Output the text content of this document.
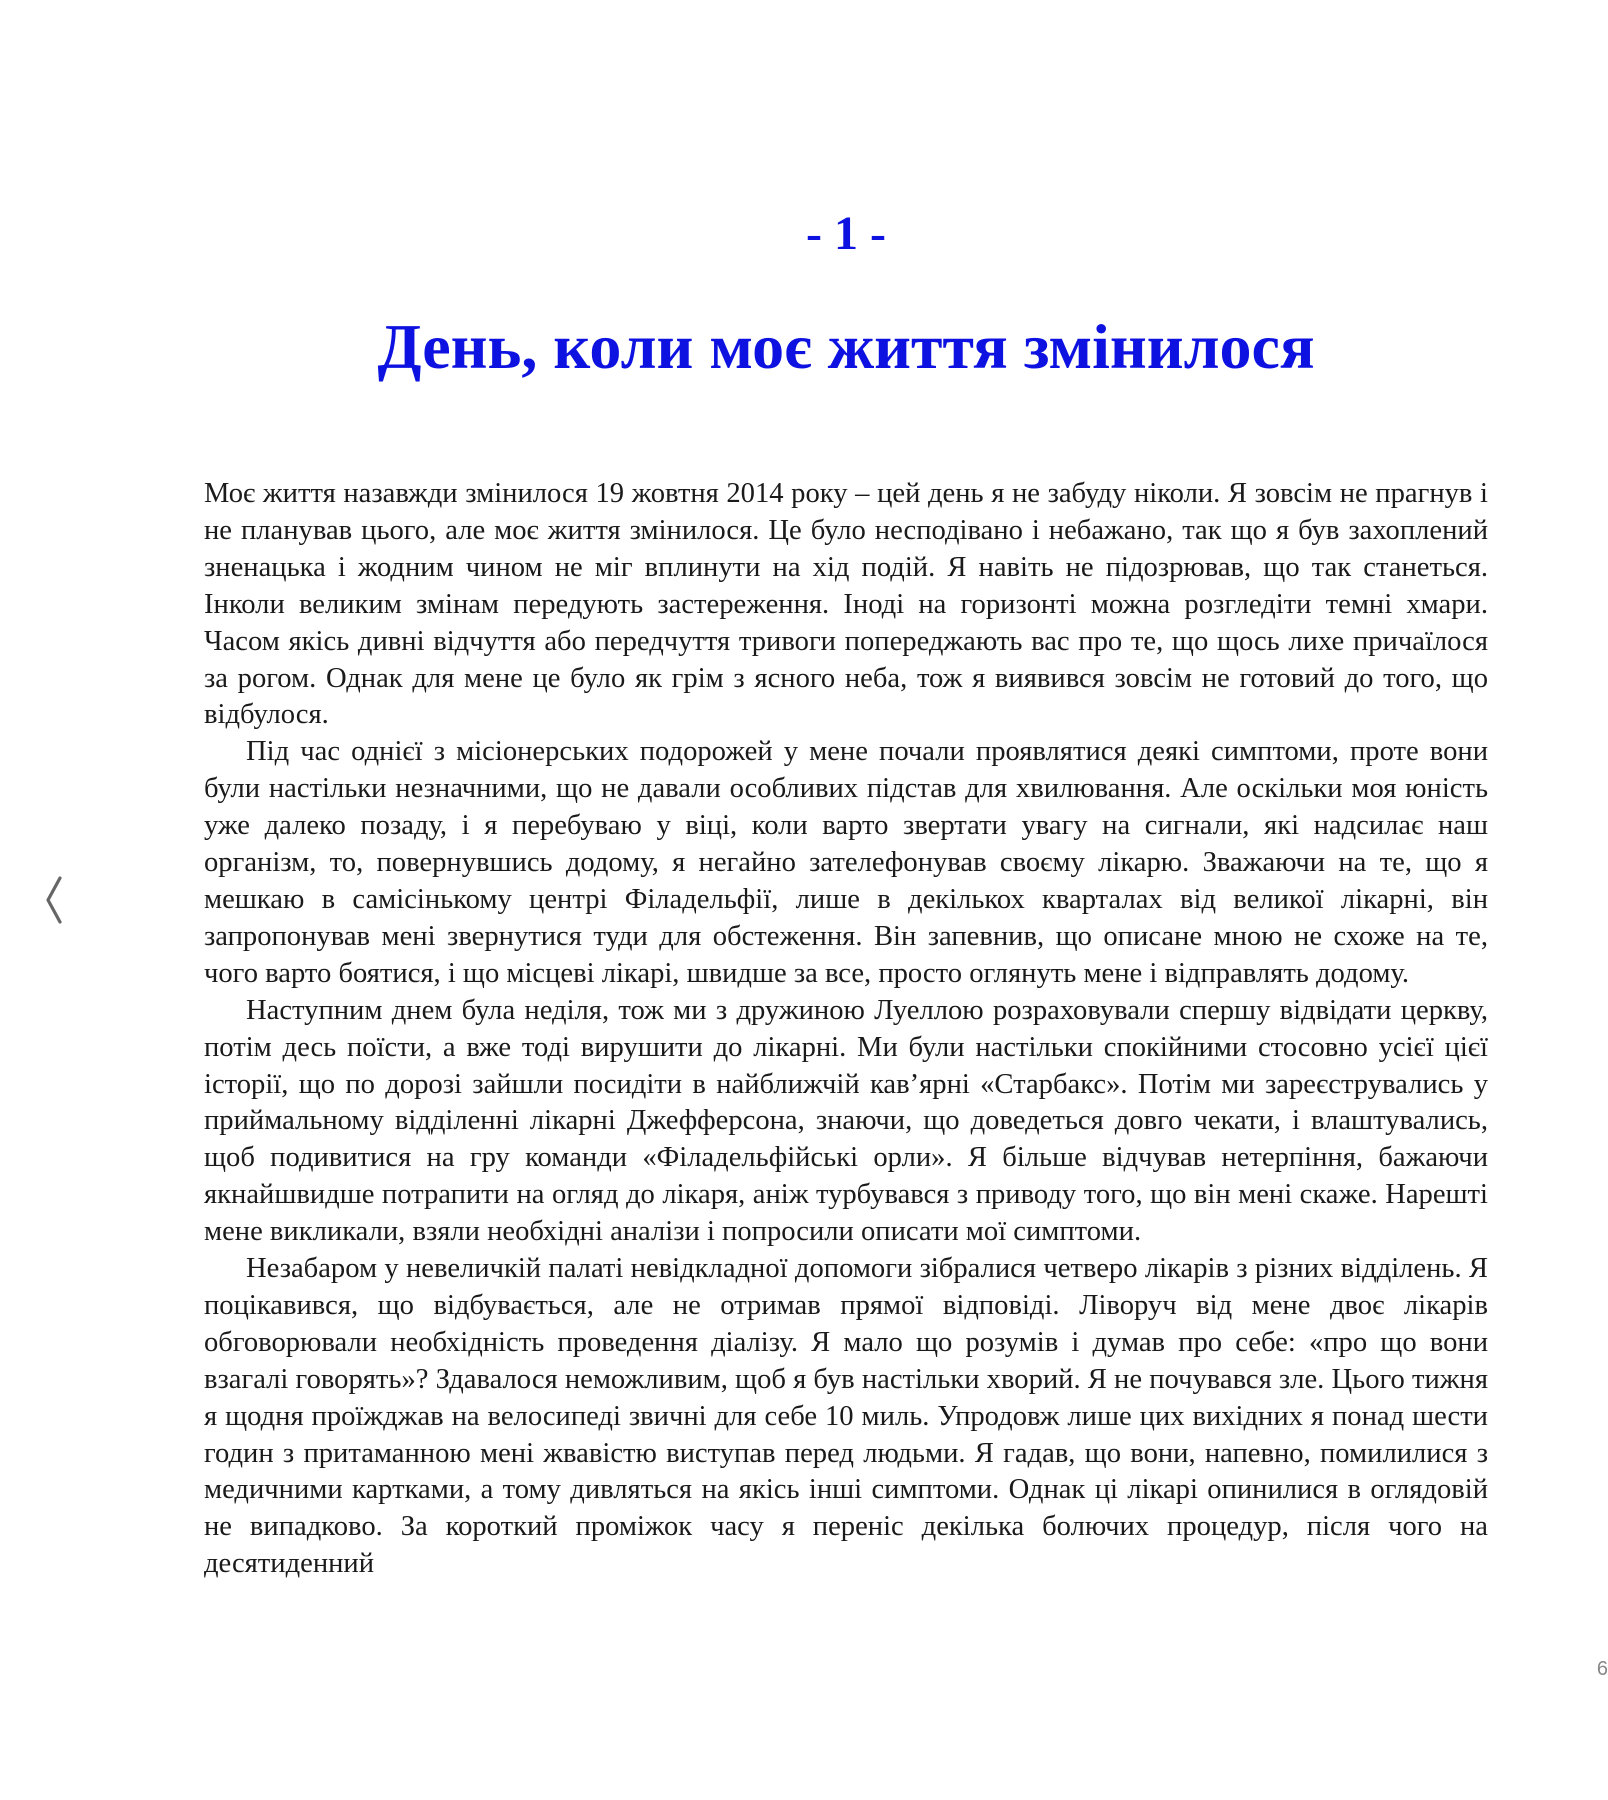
- 1 -
День, коли моє життя змінилося

Моє життя назавжди змінилося 19 жовтня 2014 року – цей день я не забуду ніколи. Я зовсім не прагнув і не планував цього, але моє життя змінилося. Це було несподівано і небажано, так що я був захоплений зненацька і жодним чином не міг вплинути на хід подій. Я навіть не підозрював, що так станеться. Інколи великим змінам передують застереження. Іноді на горизонті можна розгледіти темні хмари. Часом якісь дивні відчуття або передчуття тривоги попереджають вас про те, що щось лихе причаїлося за рогом. Однак для мене це було як грім з ясного неба, тож я виявився зовсім не готовий до того, що відбулося.

Під час однієї з місіонерських подорожей у мене почали проявлятися деякі симптоми, проте вони були настільки незначними, що не давали особливих підстав для хвилювання. Але оскільки моя юність уже далеко позаду, і я перебуваю у віці, коли варто звертати увагу на сигнали, які надсилає наш організм, то, повернувшись додому, я негайно зателефонував своєму лікарю. Зважаючи на те, що я мешкаю в самісінькому центрі Філадельфії, лише в декількох кварталах від великої лікарні, він запропонував мені звернутися туди для обстеження. Він запевнив, що описане мною не схоже на те, чого варто боятися, і що місцеві лікарі, швидше за все, просто оглянуть мене і відправлять додому.

Наступним днем була неділя, тож ми з дружиною Луеллою розраховували спершу відвідати церкву, потім десь поїсти, а вже тоді вирушити до лікарні. Ми були настільки спокійними стосовно усієї цієї історії, що по дорозі зайшли посидіти в найближчій кав’ярні «Старбакс». Потім ми зареєструвались у приймальному відділенні лікарні Джефферсона, знаючи, що доведеться довго чекати, і влаштувались, щоб подивитися на гру команди «Філадельфійські орли». Я більше відчував нетерпіння, бажаючи якнайшвидше потрапити на огляд до лікаря, аніж турбувався з приводу того, що він мені скаже. Нарешті мене викликали, взяли необхідні аналізи і попросили описати мої симптоми.

Незабаром у невеличкій палаті невідкладної допомоги зібралися четверо лікарів з різних відділень. Я поцікавився, що відбувається, але не отримав прямої відповіді. Ліворуч від мене двоє лікарів обговорювали необхідність проведення діалізу. Я мало що розумів і думав про себе: «про що вони взагалі говорять»? Здавалося неможливим, щоб я був настільки хворий. Я не почувався зле. Цього тижня я щодня проїжджав на велосипеді звичні для себе 10 миль. Упродовж лише цих вихідних я понад шести годин з притаманною мені жвавістю виступав перед людьми. Я гадав, що вони, напевно, помилилися з медичними картками, а тому дивляться на якісь інші симптоми. Однак ці лікарі опинилися в оглядовій не випадково. За короткий проміжок часу я переніс декілька болючих процедур, після чого на десятиденний

6
